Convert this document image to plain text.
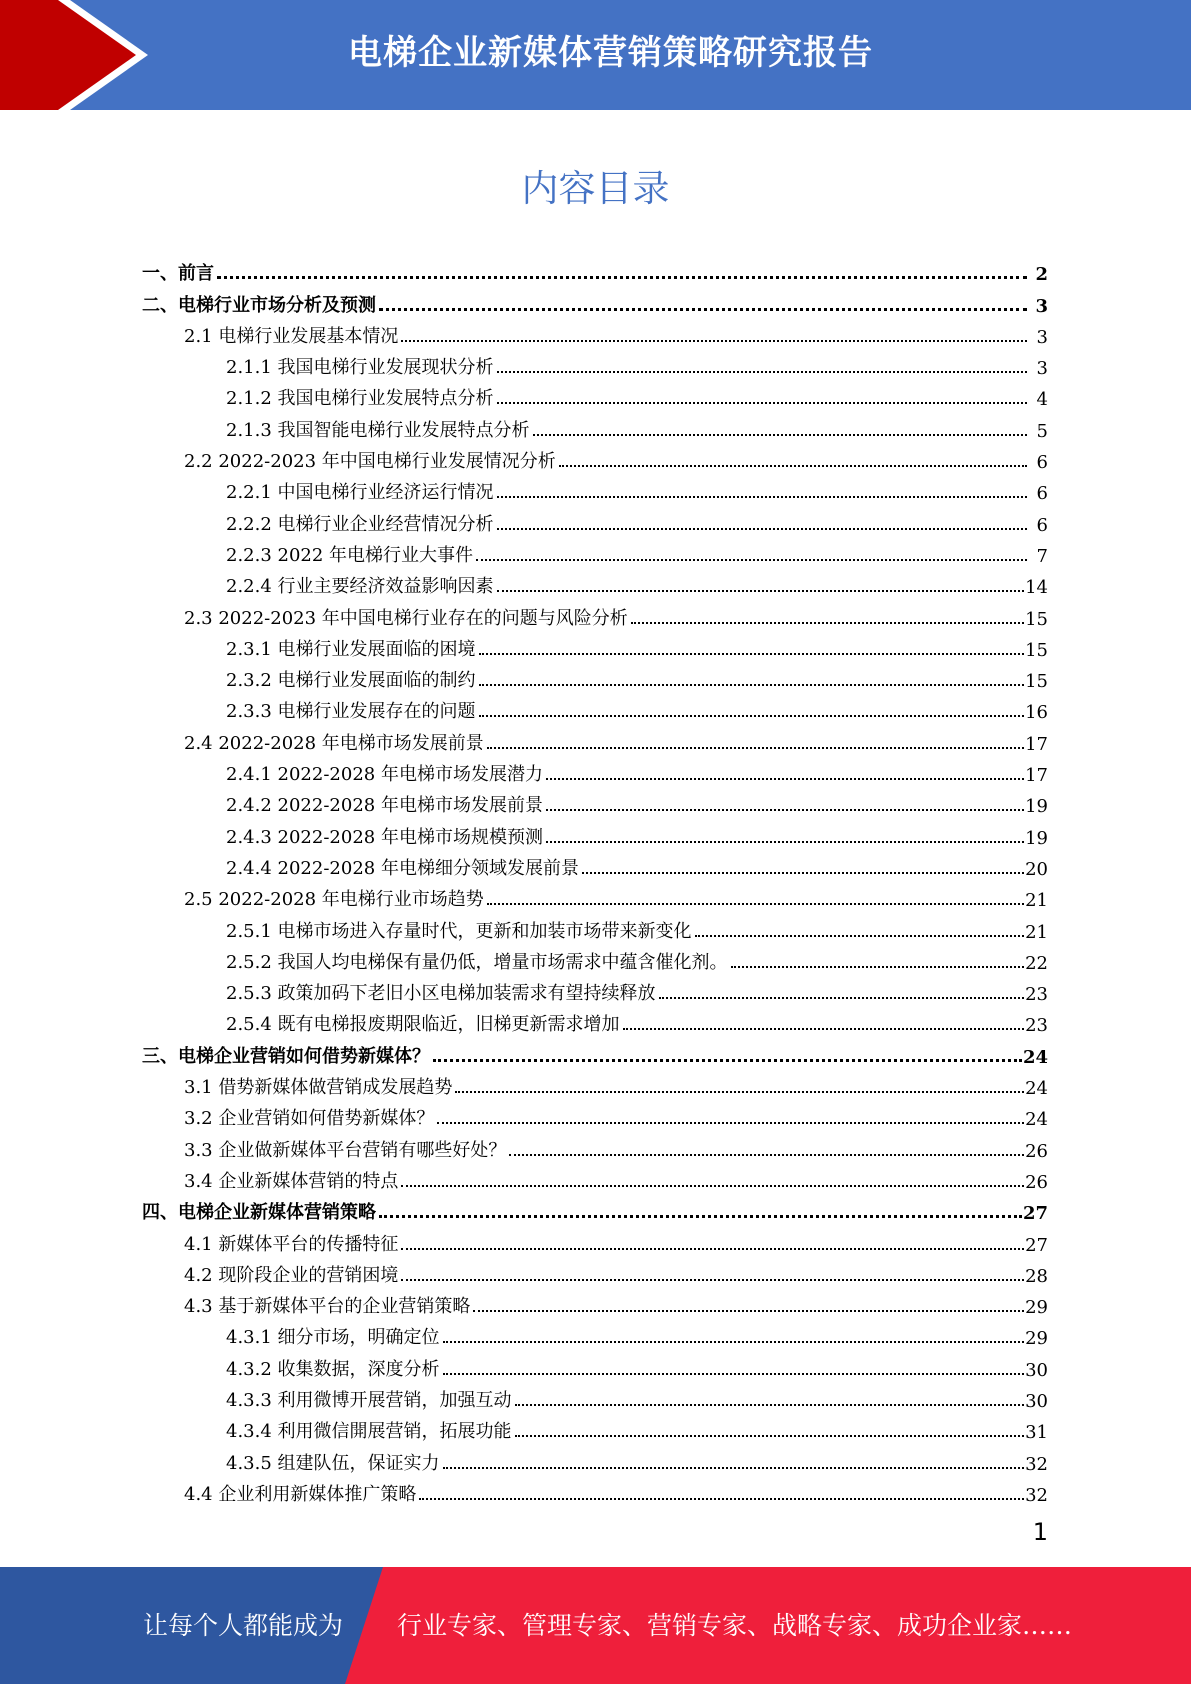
电梯企业新媒体营销策略研究报告
内容目录
一、前言	2
二、电梯行业市场分析及预测	3
2.1 电梯行业发展基本情况	3
2.1.1 我国电梯行业发展现状分析	3
2.1.2 我国电梯行业发展特点分析	4
2.1.3 我国智能电梯行业发展特点分析	5
2.2 2022-2023 年中国电梯行业发展情况分析	6
2.2.1 中国电梯行业经济运行情况	6
2.2.2 电梯行业企业经营情况分析	6
2.2.3 2022 年电梯行业大事件	7
2.2.4 行业主要经济效益影响因素	14
2.3 2022-2023 年中国电梯行业存在的问题与风险分析	15
2.3.1 电梯行业发展面临的困境	15
2.3.2 电梯行业发展面临的制约	15
2.3.3 电梯行业发展存在的问题	16
2.4 2022-2028 年电梯市场发展前景	17
2.4.1 2022-2028 年电梯市场发展潜力	17
2.4.2 2022-2028 年电梯市场发展前景	19
2.4.3 2022-2028 年电梯市场规模预测	19
2.4.4 2022-2028 年电梯细分领域发展前景	20
2.5 2022-2028 年电梯行业市场趋势	21
2.5.1 电梯市场进入存量时代，更新和加装市场带来新变化	21
2.5.2 我国人均电梯保有量仍低，增量市场需求中蕴含催化剂。	22
2.5.3 政策加码下老旧小区电梯加装需求有望持续释放	23
2.5.4 既有电梯报废期限临近，旧梯更新需求增加	23
三、电梯企业营销如何借势新媒体？	24
3.1 借势新媒体做营销成发展趋势	24
3.2 企业营销如何借势新媒体？	24
3.3 企业做新媒体平台营销有哪些好处？	26
3.4 企业新媒体营销的特点	26
四、电梯企业新媒体营销策略	27
4.1 新媒体平台的传播特征	27
4.2 现阶段企业的营销困境	28
4.3 基于新媒体平台的企业营销策略	29
4.3.1 细分市场，明确定位	29
4.3.2 收集数据，深度分析	30
4.3.3 利用微博开展营销，加强互动	30
4.3.4 利用微信開展营销，拓展功能	31
4.3.5 组建队伍，保证实力	32
4.4 企业利用新媒体推广策略	32
1
让每个人都能成为 行业专家、管理专家、营销专家、战略专家、成功企业家……
